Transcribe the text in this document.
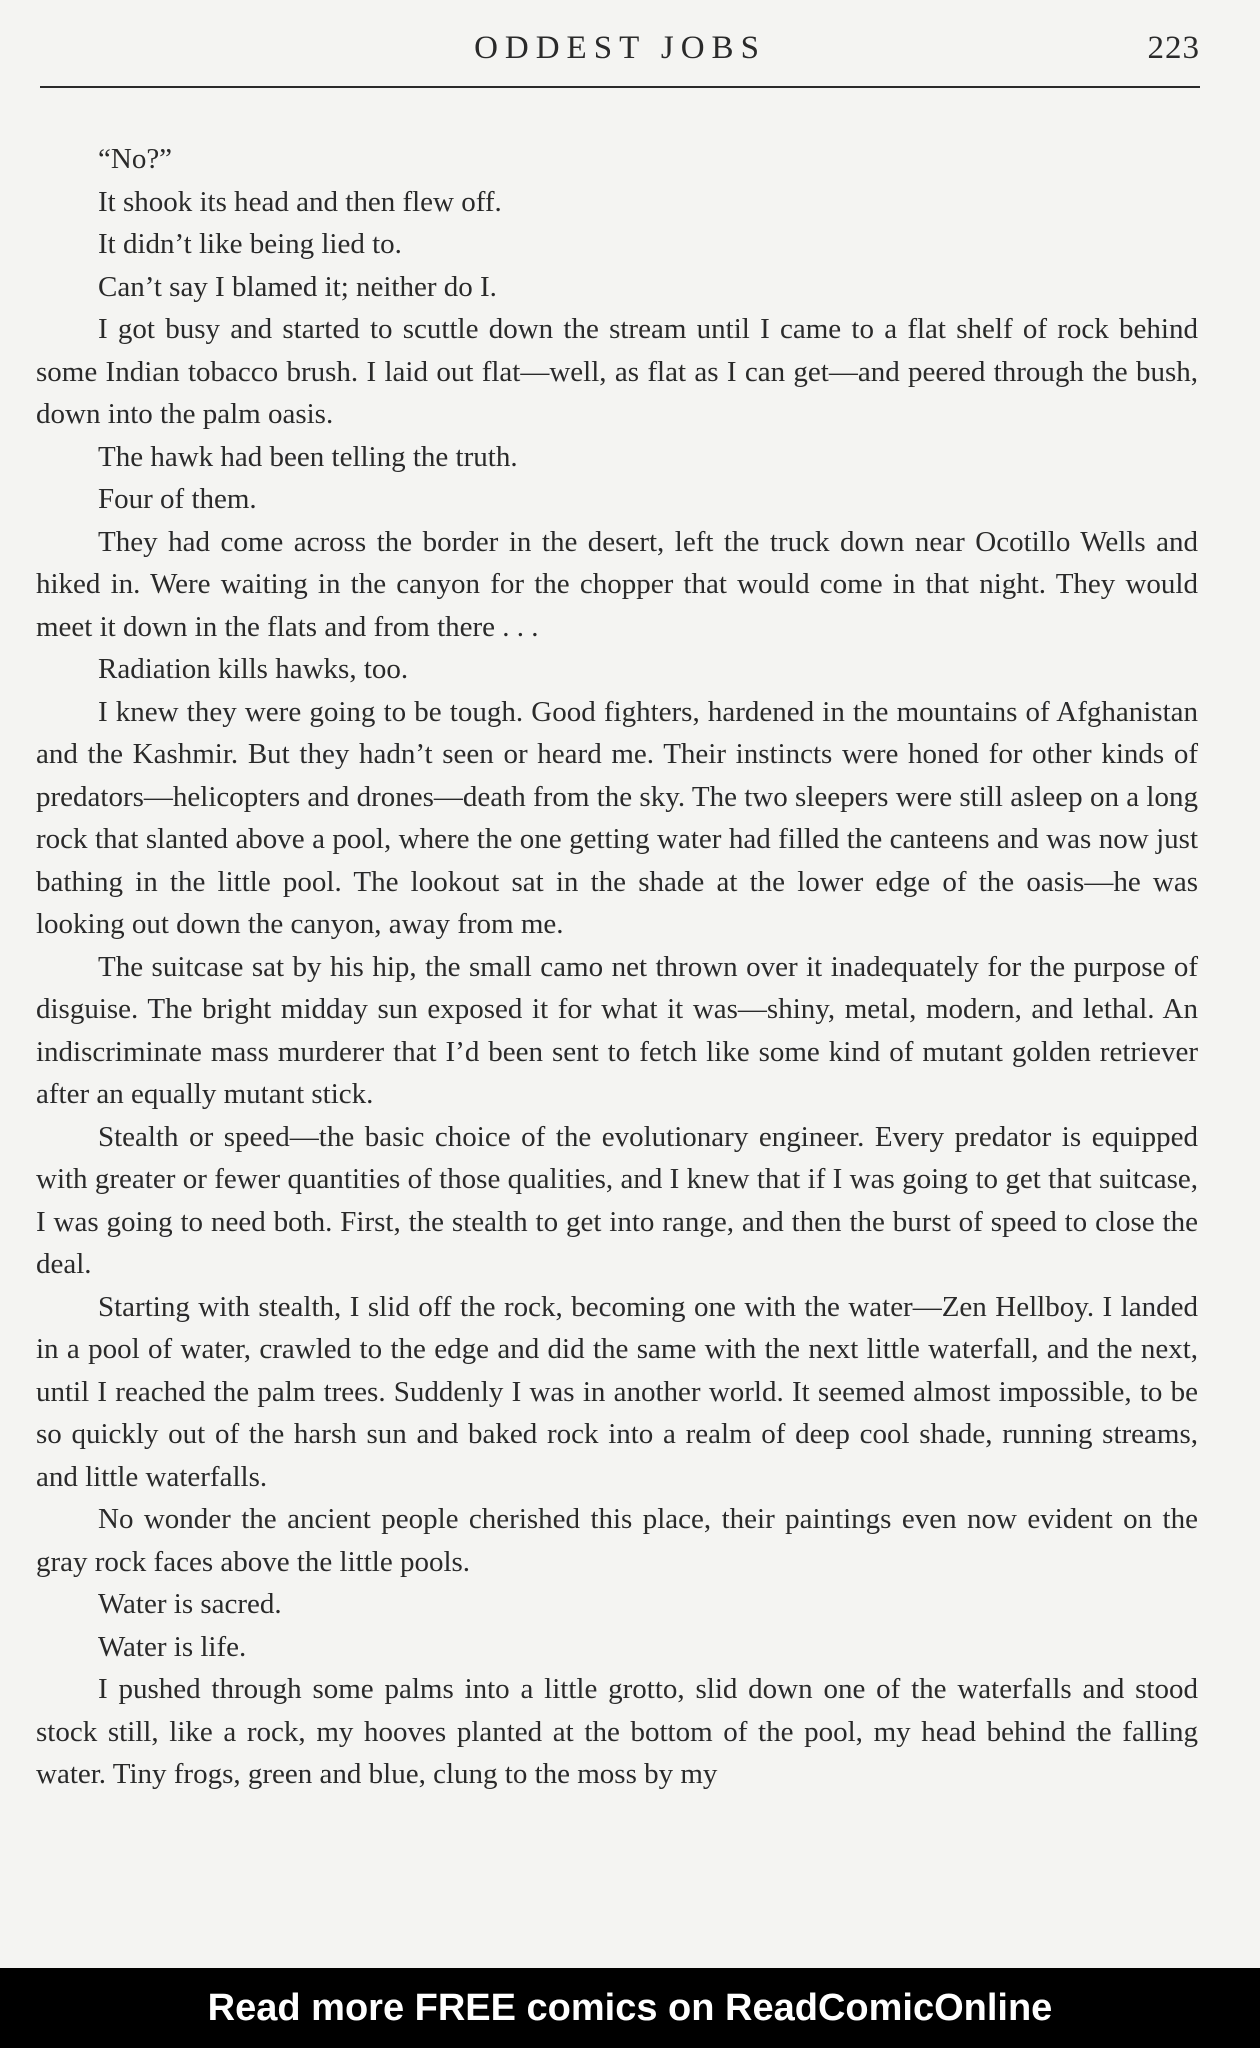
ODDEST JOBS	223

“No?”

It shook its head and then flew off.

It didn’t like being lied to.

Can’t say I blamed it; neither do I.

I got busy and started to scuttle down the stream until I came to a flat shelf of rock behind some Indian tobacco brush. I laid out flat—well, as flat as I can get—and peered through the bush, down into the palm oasis.

The hawk had been telling the truth.

Four of them.

They had come across the border in the desert, left the truck down near Ocotillo Wells and hiked in. Were waiting in the canyon for the chopper that would come in that night. They would meet it down in the flats and from there . . .

Radiation kills hawks, too.

I knew they were going to be tough. Good fighters, hardened in the mountains of Afghanistan and the Kashmir. But they hadn’t seen or heard me. Their instincts were honed for other kinds of predators—helicopters and drones—death from the sky. The two sleepers were still asleep on a long rock that slanted above a pool, where the one getting water had filled the canteens and was now just bathing in the little pool. The lookout sat in the shade at the lower edge of the oasis—he was looking out down the canyon, away from me.

The suitcase sat by his hip, the small camo net thrown over it inadequately for the purpose of disguise. The bright midday sun exposed it for what it was—shiny, metal, modern, and lethal. An indiscriminate mass murderer that I’d been sent to fetch like some kind of mutant golden retriever after an equally mutant stick.

Stealth or speed—the basic choice of the evolutionary engineer. Every predator is equipped with greater or fewer quantities of those qualities, and I knew that if I was going to get that suitcase, I was going to need both. First, the stealth to get into range, and then the burst of speed to close the deal.

Starting with stealth, I slid off the rock, becoming one with the water—Zen Hellboy. I landed in a pool of water, crawled to the edge and did the same with the next little waterfall, and the next, until I reached the palm trees. Suddenly I was in another world. It seemed almost impossible, to be so quickly out of the harsh sun and baked rock into a realm of deep cool shade, running streams, and little waterfalls.

No wonder the ancient people cherished this place, their paintings even now evident on the gray rock faces above the little pools.

Water is sacred.

Water is life.

I pushed through some palms into a little grotto, slid down one of the waterfalls and stood stock still, like a rock, my hooves planted at the bottom of the pool, my head behind the falling water. Tiny frogs, green and blue, clung to the moss by my

Read more FREE comics on ReadComicOnline
